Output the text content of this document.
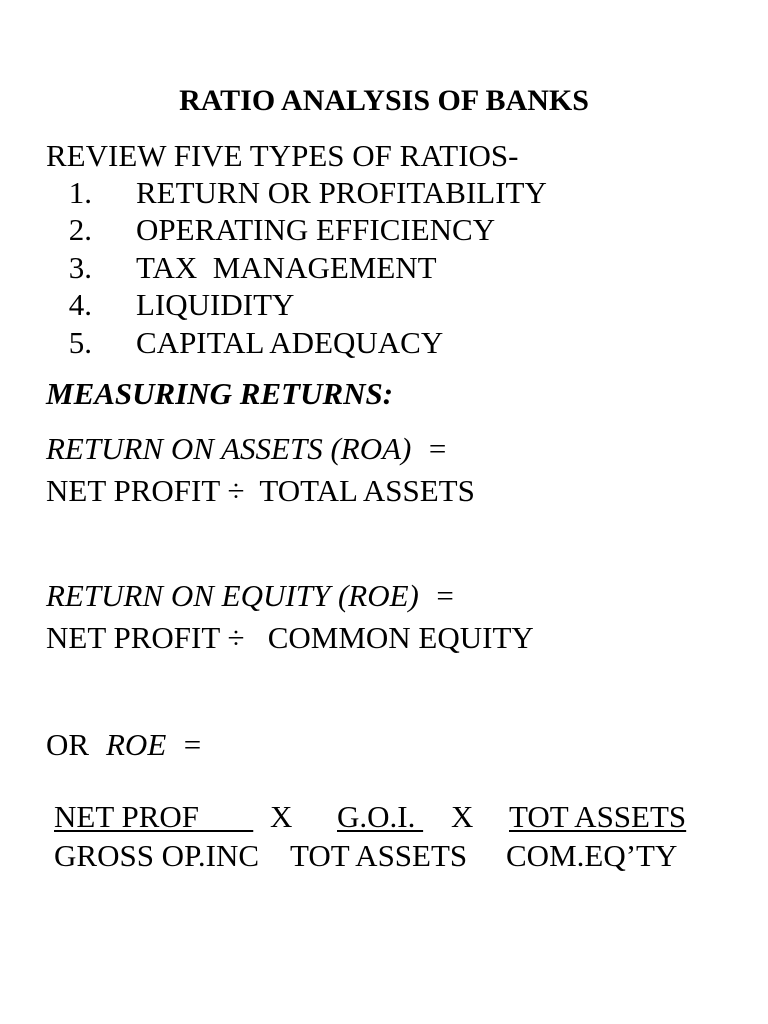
RATIO ANALYSIS OF BANKS
REVIEW FIVE TYPES OF RATIOS-
1. RETURN OR PROFITABILITY
2. OPERATING EFFICIENCY
3. TAX  MANAGEMENT
4. LIQUIDITY
5. CAPITAL ADEQUACY
MEASURING RETURNS:
RETURN ON ASSETS (ROA)  =
NET PROFIT ÷  TOTAL ASSETS
RETURN ON EQUITY (ROE)  =
NET PROFIT ÷   COMMON EQUITY
OR ROE  =
NET PROF X G.O.I. X TOT ASSETS
GROSS OP.INC TOT ASSETS COM.EQ’TY
